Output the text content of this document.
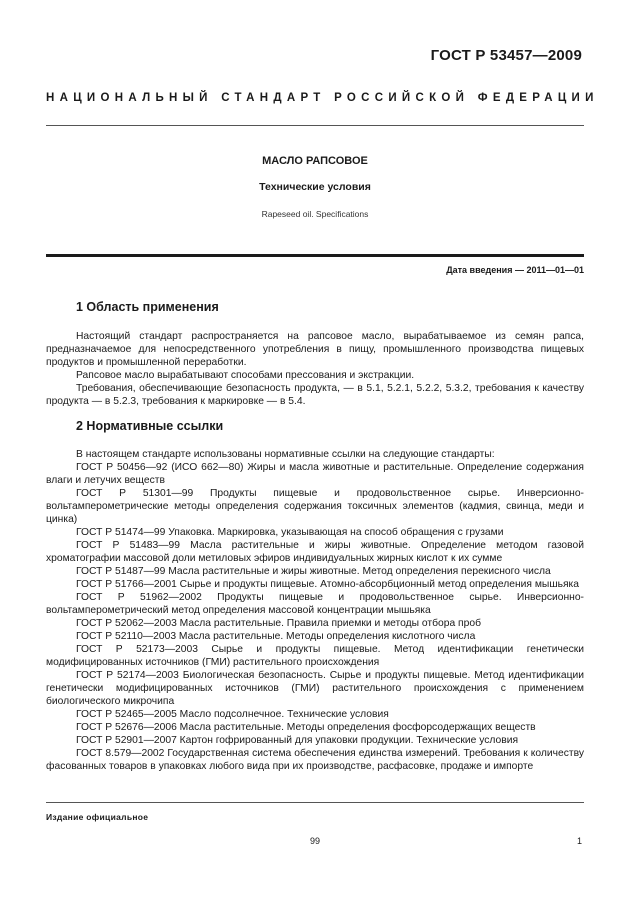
ГОСТ Р 53457—2009
НАЦИОНАЛЬНЫЙ СТАНДАРТ РОССИЙСКОЙ ФЕДЕРАЦИИ
МАСЛО РАПСОВОЕ
Технические условия
Rapeseed oil. Specifications
Дата введения — 2011—01—01
1 Область применения

Настоящий стандарт распространяется на рапсовое масло, вырабатываемое из семян рапса, предназначаемое для непосредственного употребления в пищу, промышленного производства пищевых продуктов и промышленной переработки.

Рапсовое масло вырабатывают способами прессования и экстракции.

Требования, обеспечивающие безопасность продукта, — в 5.1, 5.2.1, 5.2.2, 5.3.2, требования к качеству продукта — в 5.2.3, требования к маркировке — в 5.4.

2 Нормативные ссылки

В настоящем стандарте использованы нормативные ссылки на следующие стандарты:

ГОСТ Р 50456—92 (ИСО 662—80) Жиры и масла животные и растительные. Определение содержания влаги и летучих веществ

ГОСТ Р 51301—99 Продукты пищевые и продовольственное сырье. Инверсионно-вольтамперометрические методы определения содержания токсичных элементов (кадмия, свинца, меди и цинка)

ГОСТ Р 51474—99 Упаковка. Маркировка, указывающая на способ обращения с грузами

ГОСТ Р 51483—99 Масла растительные и жиры животные. Определение методом газовой хроматографии массовой доли метиловых эфиров индивидуальных жирных кислот к их сумме

ГОСТ Р 51487—99 Масла растительные и жиры животные. Метод определения перекисного числа

ГОСТ Р 51766—2001 Сырье и продукты пищевые. Атомно-абсорбционный метод определения мышьяка

ГОСТ Р 51962—2002 Продукты пищевые и продовольственное сырье. Инверсионно-вольтамперометрический метод определения массовой концентрации мышьяка

ГОСТ Р 52062—2003 Масла растительные. Правила приемки и методы отбора проб

ГОСТ Р 52110—2003 Масла растительные. Методы определения кислотного числа

ГОСТ Р 52173—2003 Сырье и продукты пищевые. Метод идентификации генетически модифицированных источников (ГМИ) растительного происхождения

ГОСТ Р 52174—2003 Биологическая безопасность. Сырье и продукты пищевые. Метод идентификации генетически модифицированных источников (ГМИ) растительного происхождения с применением биологического микрочипа

ГОСТ Р 52465—2005 Масло подсолнечное. Технические условия

ГОСТ Р 52676—2006 Масла растительные. Методы определения фосфорсодержащих веществ

ГОСТ Р 52901—2007 Картон гофрированный для упаковки продукции. Технические условия

ГОСТ 8.579—2002 Государственная система обеспечения единства измерений. Требования к количеству фасованных товаров в упаковках любого вида при их производстве, расфасовке, продаже и импорте

Издание официальное
99	1
